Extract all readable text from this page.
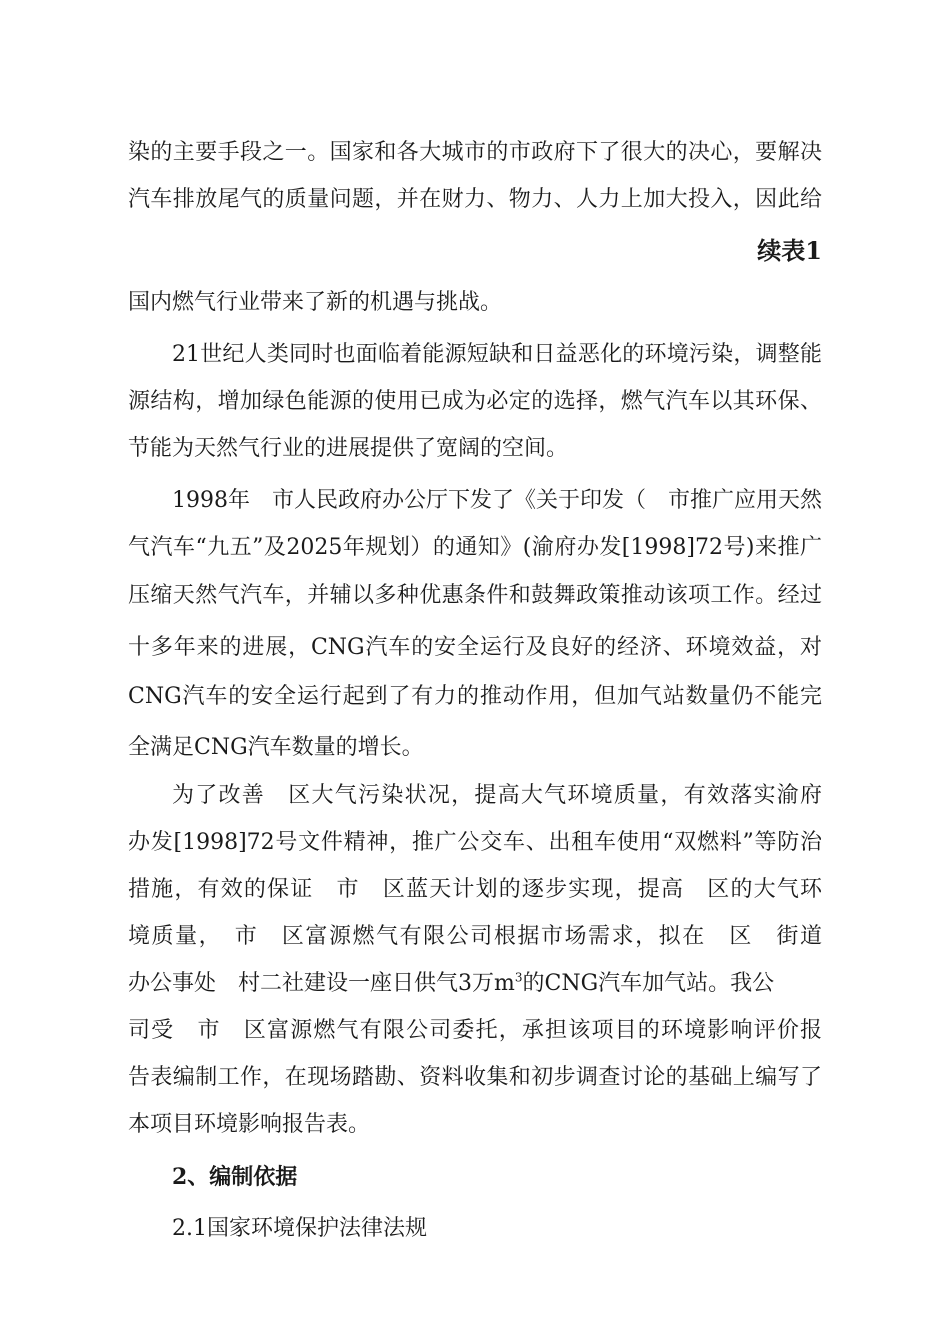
染的主要手段之一。国家和各大城市的市政府下了很大的决心，要解决
汽车排放尾气的质量问题，并在财力、物力、人力上加大投入，因此给
续表1
国内燃气行业带来了新的机遇与挑战。
21世纪人类同时也面临着能源短缺和日益恶化的环境污染，调整能
源结构，增加绿色能源的使用已成为必定的选择，燃气汽车以其环保、
节能为天然气行业的进展提供了宽阔的空间。
1998年　市人民政府办公厅下发了《关于印发（　市推广应用天然
气汽车“九五”及2025年规划）的通知》(渝府办发[1998]72号)来推广
压缩天然气汽车，并辅以多种优惠条件和鼓舞政策推动该项工作。经过
十多年来的进展，CNG汽车的安全运行及良好的经济、环境效益，对
CNG汽车的安全运行起到了有力的推动作用，但加气站数量仍不能完
全满足CNG汽车数量的增长。
为了改善　区大气污染状况，提高大气环境质量，有效落实渝府
办发[1998]72号文件精神，推广公交车、出租车使用“双燃料”等防治
措施，有效的保证　市　区蓝天计划的逐步实现，提高　区的大气环
境质量，　市　区富源燃气有限公司根据市场需求，拟在　区　街道
办公事处　村二社建设一座日供气3万$m^3$的CNG汽车加气站。我公
司受　市　区富源燃气有限公司委托，承担该项目的环境影响评价报
告表编制工作，在现场踏勘、资料收集和初步调查讨论的基础上编写了
本项目环境影响报告表。
2、编制依据
2.1国家环境保护法律法规
